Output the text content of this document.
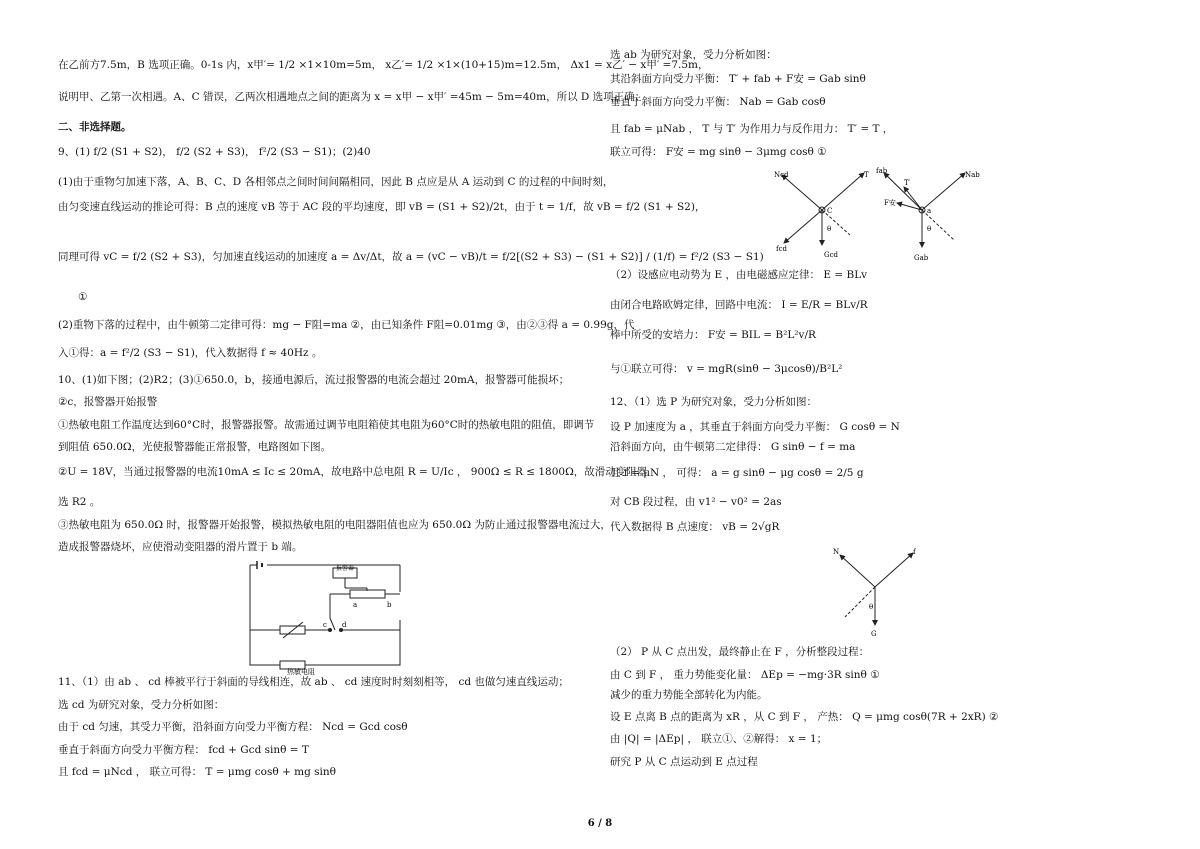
在乙前方7.5m，B 选项正确。0-1s 内，x甲′= 1/2 ×1×10m=5m， x乙′= 1/2 ×1×(10+15)m=12.5m， Δx1 = x乙′ − x甲′ =7.5m，
说明甲、乙第一次相遇。A、C 错误，乙两次相遇地点之间的距离为 x = x甲 − x甲′ =45m − 5m=40m，所以 D 选项正确；
二、非选择题。
9、(1) f/2 (S1 + S2)， f/2 (S2 + S3)， f²/2 (S3 − S1)；(2)40
(1)由于重物匀加速下落，A、B、C、D 各相邻点之间时间间隔相同，因此 B 点应是从 A 运动到 C 的过程的中间时刻，
由匀变速直线运动的推论可得：B 点的速度 vB 等于 AC 段的平均速度，即 vB = (S1 + S2)/2t，由于 t = 1/f，故 vB = f/2 (S1 + S2)，
同理可得 vC = f/2 (S2 + S3)，匀加速直线运动的加速度 a = Δv/Δt，故 a = (vC − vB)/t = f/2[(S2 + S3) − (S1 + S2)] / (1/f) = f²/2 (S3 − S1)
①
(2)重物下落的过程中，由牛顿第二定律可得：mg − F阻=ma ②，由已知条件 F阻=0.01mg ③，由②③得 a = 0.99g，代
入①得：a = f²/2 (S3 − S1)，代入数据得 f ≈ 40Hz 。
10、(1)如下图；(2)R2；(3)①650.0，b，接通电源后，流过报警器的电流会超过 20mA，报警器可能损坏；
②c，报警器开始报警
①热敏电阻工作温度达到60°C时，报警器报警。故需通过调节电阻箱使其电阻为60°C时的热敏电阻的阻值，即调节
到阻值 650.0Ω，光使报警器能正常报警，电路图如下图。
②U = 18V，当通过报警器的电流10mA ≤ Ic ≤ 20mA，故电路中总电阻 R = U/Ic ， 900Ω ≤ R ≤ 1800Ω，故滑动变阻器
选 R2 。
③热敏电阻为 650.0Ω 时，报警器开始报警，模拟热敏电阻的电阻器阻值也应为 650.0Ω 为防止通过报警器电流过大，
造成报警器烧坏，应使滑动变阻器的滑片置于 b 端。
11、（1）由 ab 、 cd 棒被平行于斜面的导线相连，故 ab 、 cd 速度时时刻刻相等， cd 也做匀速直线运动；
选 cd 为研究对象，受力分析如图：
由于 cd 匀速，其受力平衡，沿斜面方向受力平衡方程： Ncd = Gcd cosθ
垂直于斜面方向受力平衡方程： fcd + Gcd sinθ = T
且 fcd = μNcd ， 联立可得： T = μmg cosθ + mg sinθ
选 ab 为研究对象，受力分析如图：
其沿斜面方向受力平衡： T′ + fab + F安 = Gab sinθ
垂直于斜面方向受力平衡： Nab = Gab cosθ
且 fab = μNab ， T 与 T′ 为作用力与反作用力： T′ = T ，
联立可得： F安 = mg sinθ − 3μmg cosθ ①
（2）设感应电动势为 E ，由电磁感应定律： E = BLv
由闭合电路欧姆定律，回路中电流： I = E/R = BLv/R
棒中所受的安培力： F安 = BIL = B²L²v/R
与①联立可得： v = mgR(sinθ − 3μcosθ)/B²L²
12、（1）选 P 为研究对象，受力分析如图：
设 P 加速度为 a ，其垂直于斜面方向受力平衡： G cosθ = N
沿斜面方向，由牛顿第二定律得： G sinθ − f = ma
且 f = μN ， 可得： a = g sinθ − μg cosθ = 2/5 g
对 CB 段过程，由 v1² − v0² = 2as
代入数据得 B 点速度： vB = 2√gR
（2） P 从 C 点出发，最终静止在 F ，分析整段过程：
由 C 到 F ， 重力势能变化量： ΔEp = −mg·3R sinθ ①
减少的重力势能全部转化为内能。
设 E 点离 B 点的距离为 xR ，从 C 到 F ， 产热： Q = μmg cosθ(7R + 2xR) ②
由 |Q| = |ΔEp| ， 联立①、②解得： x = 1；
研究 P 从 C 点运动到 E 点过程
报警器
a	b
c d
热敏电阻
Ncd	T
C
fcd
Gcd
θ
fab
T′
F安
Nab
a
Gab
θ
N	f
θ
G
6 / 8
